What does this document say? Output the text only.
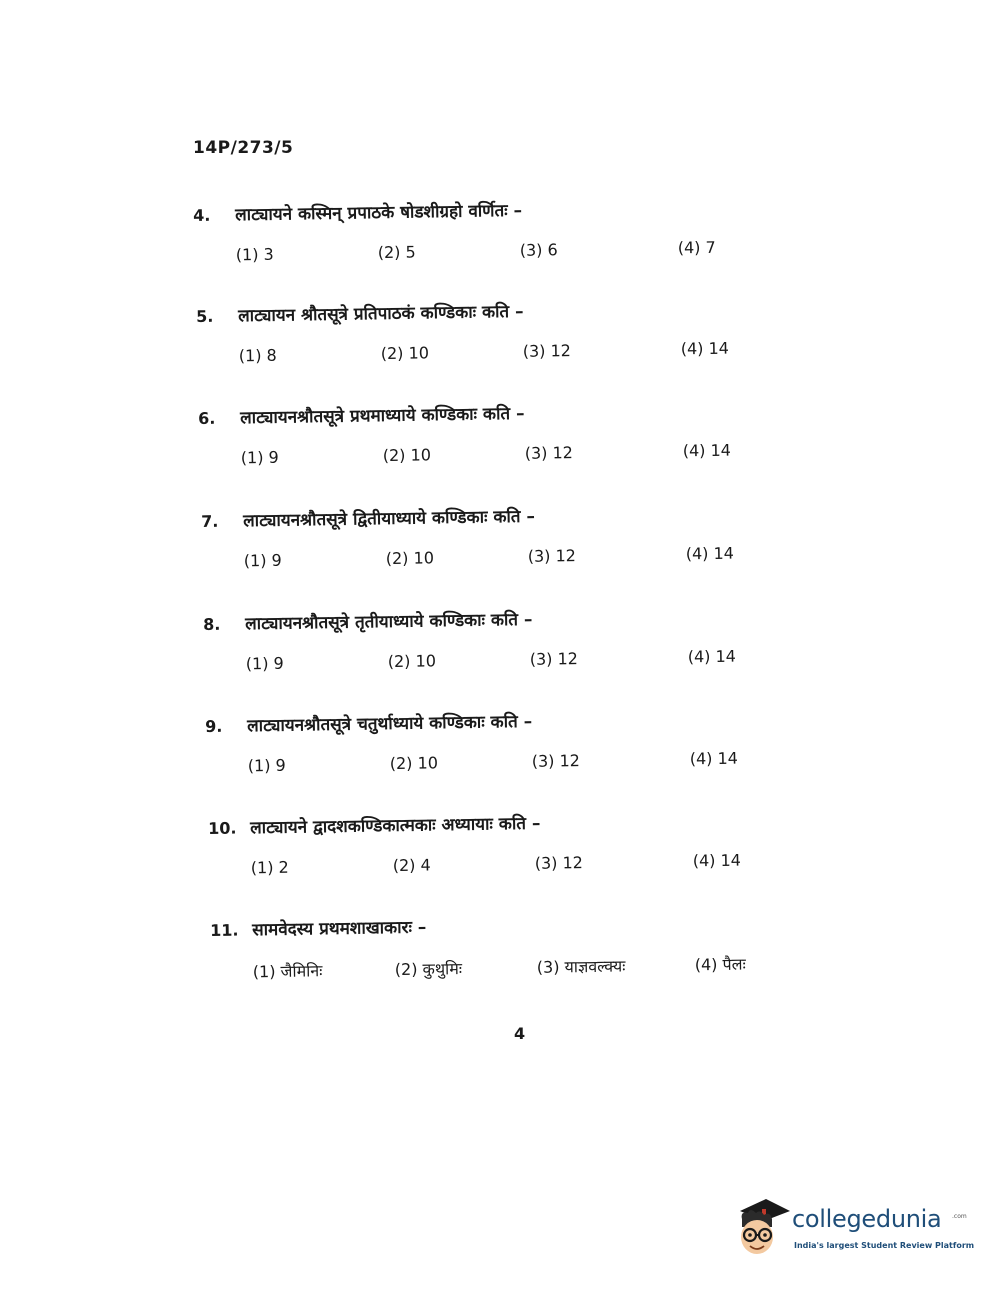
14P/273/5
4.	लाट्यायने कस्मिन् प्रपाठके षोडशीग्रहो वर्णितः –
(1) 3	(2) 5	(3) 6	(4) 7
5.	लाट्यायन श्रौतसूत्रे प्रतिपाठकं कण्डिकाः कति –
(1) 8	(2) 10	(3) 12	(4) 14
6.	लाट्यायनश्रौतसूत्रे प्रथमाध्याये कण्डिकाः कति –
(1) 9	(2) 10	(3) 12	(4) 14
7.	लाट्यायनश्रौतसूत्रे द्वितीयाध्याये कण्डिकाः कति –
(1) 9	(2) 10	(3) 12	(4) 14
8.	लाट्यायनश्रौतसूत्रे तृतीयाध्याये कण्डिकाः कति –
(1) 9	(2) 10	(3) 12	(4) 14
9.	लाट्यायनश्रौतसूत्रे चतुर्थाध्याये कण्डिकाः कति –
(1) 9	(2) 10	(3) 12	(4) 14
10. लाट्यायने द्वादशकण्डिकात्मकाः अध्यायाः कति –
(1) 2	(2) 4	(3) 12	(4) 14
11. सामवेदस्य प्रथमशाखाकारः –
(1) जैमिनिः	(2) कुथुमिः	(3) याज्ञवल्क्यः	(4) पैलः
4
collegedunia .com
India's largest Student Review Platform
